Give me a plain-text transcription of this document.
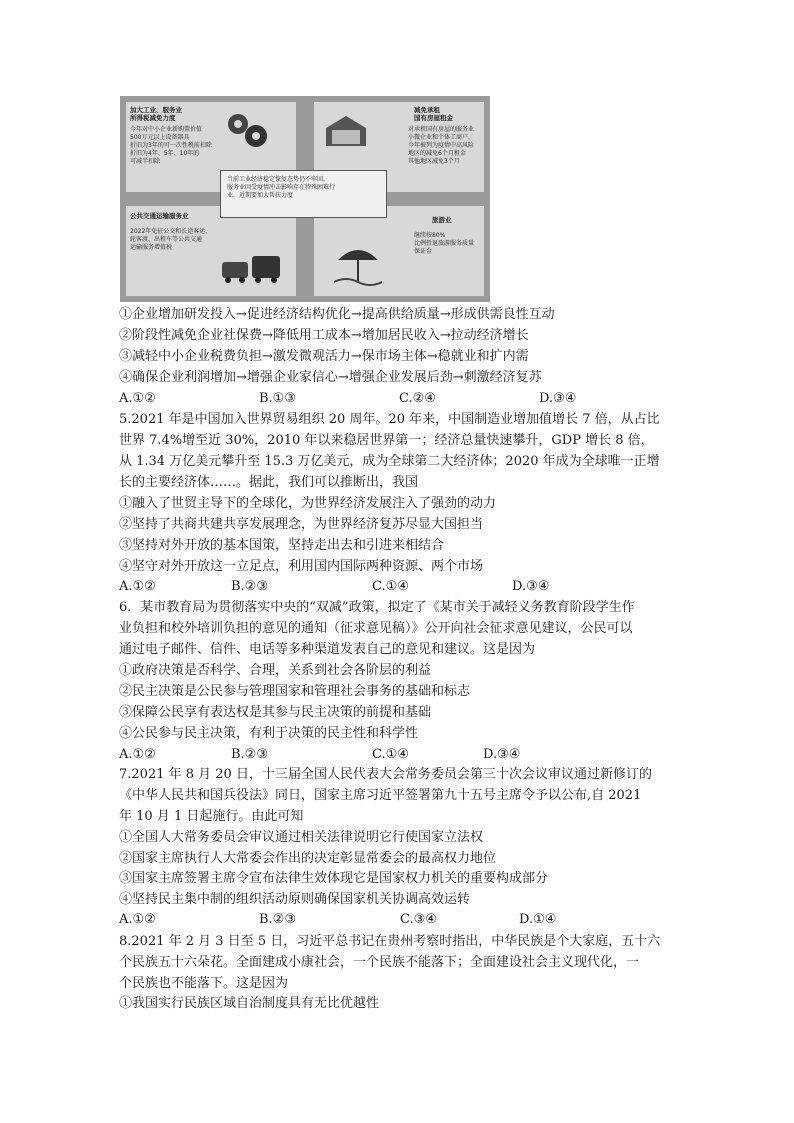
加大工业、服务业
所得税减免力度
今年对中小企业新购置价值
500万元以上设备器具
折旧为3年的可一次性税前扣除
折旧为4年、5年、10年的
可减半扣除
减免承租
国有房屋租金
对承租国有房屋的服务业
小微企业和个体工商户，
今年被列为疫情中高风险
地区的减免6个月租金
其他地区减免3个月
公共交通运输服务业
2022年免征公交和长途客运、
轮客渡、出租车等公共交通
运输服务增值税
旅游业
继续按80%
比例暂退旅游服务质量
保证金
当前工业经济稳定恢复态势仍不牢固，
服务业因受疫情冲击影响存在特殊困难行
业，近期要加大帮扶力度
①企业增加研发投入→促进经济结构优化→提高供给质量→形成供需良性互动
②阶段性减免企业社保费→降低用工成本→增加居民收入→拉动经济增长
③减轻中小企业税费负担→激发微观活力→保市场主体→稳就业和扩内需
④确保企业利润增加→增强企业家信心→增强企业发展后劲→刺激经济复苏
A.①②	B.①③	C.②④	D.③④
5.2021 年是中国加入世界贸易组织 20 周年。20 年来，中国制造业增加值增长 7 倍，从占比
世界 7.4%增至近 30%，2010 年以来稳居世界第一；经济总量快速攀升，GDP 增长 8 倍，
从 1.34 万亿美元攀升至 15.3 万亿美元，成为全球第二大经济体；2020 年成为全球唯一正增
长的主要经济体……。据此，我们可以推断出，我国
①融入了世贸主导下的全球化，为世界经济发展注入了强劲的动力
②坚持了共商共建共享发展理念，为世界经济复苏尽显大国担当
③坚持对外开放的基本国策，坚持走出去和引进来相结合
④坚守对外开放这一立足点，利用国内国际两种资源、两个市场
A.①②	B.②③	C.①④	D.③④
6．某市教育局为贯彻落实中央的“双减”政策，拟定了《某市关于减轻义务教育阶段学生作
业负担和校外培训负担的意见的通知（征求意见稿）》公开向社会征求意见建议，公民可以
通过电子邮件、信件、电话等多种渠道发表自己的意见和建议。这是因为
①政府决策是否科学、合理，关系到社会各阶层的利益
②民主决策是公民参与管理国家和管理社会事务的基础和标志
③保障公民享有表达权是其参与民主决策的前提和基础
④公民参与民主决策，有利于决策的民主性和科学性
A.①②	B.②③	C.①④	D.③④
7.2021 年 8 月 20 日，十三届全国人民代表大会常务委员会第三十次会议审议通过新修订的
《中华人民共和国兵役法》同日，国家主席习近平签署第九十五号主席令予以公布,自 2021
年 10 月 1 日起施行。由此可知
①全国人大常务委员会审议通过相关法律说明它行使国家立法权
②国家主席执行人大常委会作出的决定彰显常委会的最高权力地位
③国家主席签署主席令宣布法律生效体现它是国家权力机关的重要构成部分
④坚持民主集中制的组织活动原则确保国家机关协调高效运转
A.①②	B.②③	C.③④	D.①④
8.2021 年 2 月 3 日至 5 日，习近平总书记在贵州考察时指出，中华民族是个大家庭，五十六
个民族五十六朵花。全面建成小康社会，一个民族不能落下；全面建设社会主义现代化，一
个民族也不能落下。这是因为
①我国实行民族区域自治制度具有无比优越性
